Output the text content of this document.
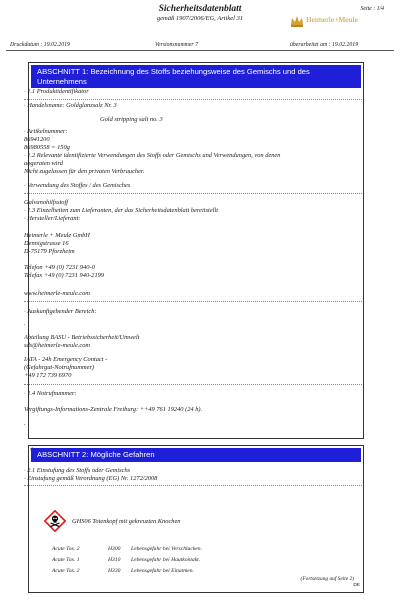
Sicherheitsdatenblatt
gemäß 1907/2006/EG, Artikel 31
Seite : 1/4
Heimerle+Meule
Druckdatum : 19.02.2019	Versionsnummer 7	überarbeitet am : 19.02.2019
ABSCHNITT 1: Bezeichnung des Stoffs beziehungsweise des Gemischs und des Unternehmens
· 1.1 Produktidentifikator
· Handelsname: Goldglanzsalz Nr. 3
Gold stripping salt no. 3
· Artikelnummer:
86941200
86980558 = 150g
· 1.2 Relevante identifizierte Verwendungen des Stoffs oder Gemischs und Verwendungen, von denen
abgeraten wird
Nicht zugelassen für den privaten Verbraucher.
· Verwendung des Stoffes / des Gemisches
Galvanohilfsstoff
· 1.3 Einzelheiten zum Lieferanten, der das Sicherheitsdatenblatt bereitstellt
· Hersteller/Lieferant:
Heimerle + Meule GmbH
Dennigstrasse 16
D-75179 Pforzheim
Telefon +49 (0) 7231 940-0
Telefax +49 (0) 7231 940-2199
www.heimerle-meule.com
· Auskunftgebender Bereich:
.
Abteilung BASU - Betriebssicherheit/Umwelt
sds@heimerle-meule.com
IATA - 24h Emergency Contact -
(Gefahrgut-Notrufnummer)
+49 172 739 6970
· 1.4 Notrufnummer:
Vergiftungs-Informations-Zentrale Freiburg: ++49 761 19240 (24 h).
.
ABSCHNITT 2: Mögliche Gefahren
· 2.1 Einstufung des Stoffs oder Gemischs
· Einstufung gemäß Verordnung (EG) Nr. 1272/2008
GHS06 Totenkopf mit gekreuzten Knochen
Acute Tox. 2	H300 Lebensgefahr bei Verschlucken.
Acute Tox. 1	H310 Lebensgefahr bei Hautkontakt.
Acute Tox. 2	H330 Lebensgefahr bei Einatmen.
(Fortsetzung auf Seite 2)
DE
